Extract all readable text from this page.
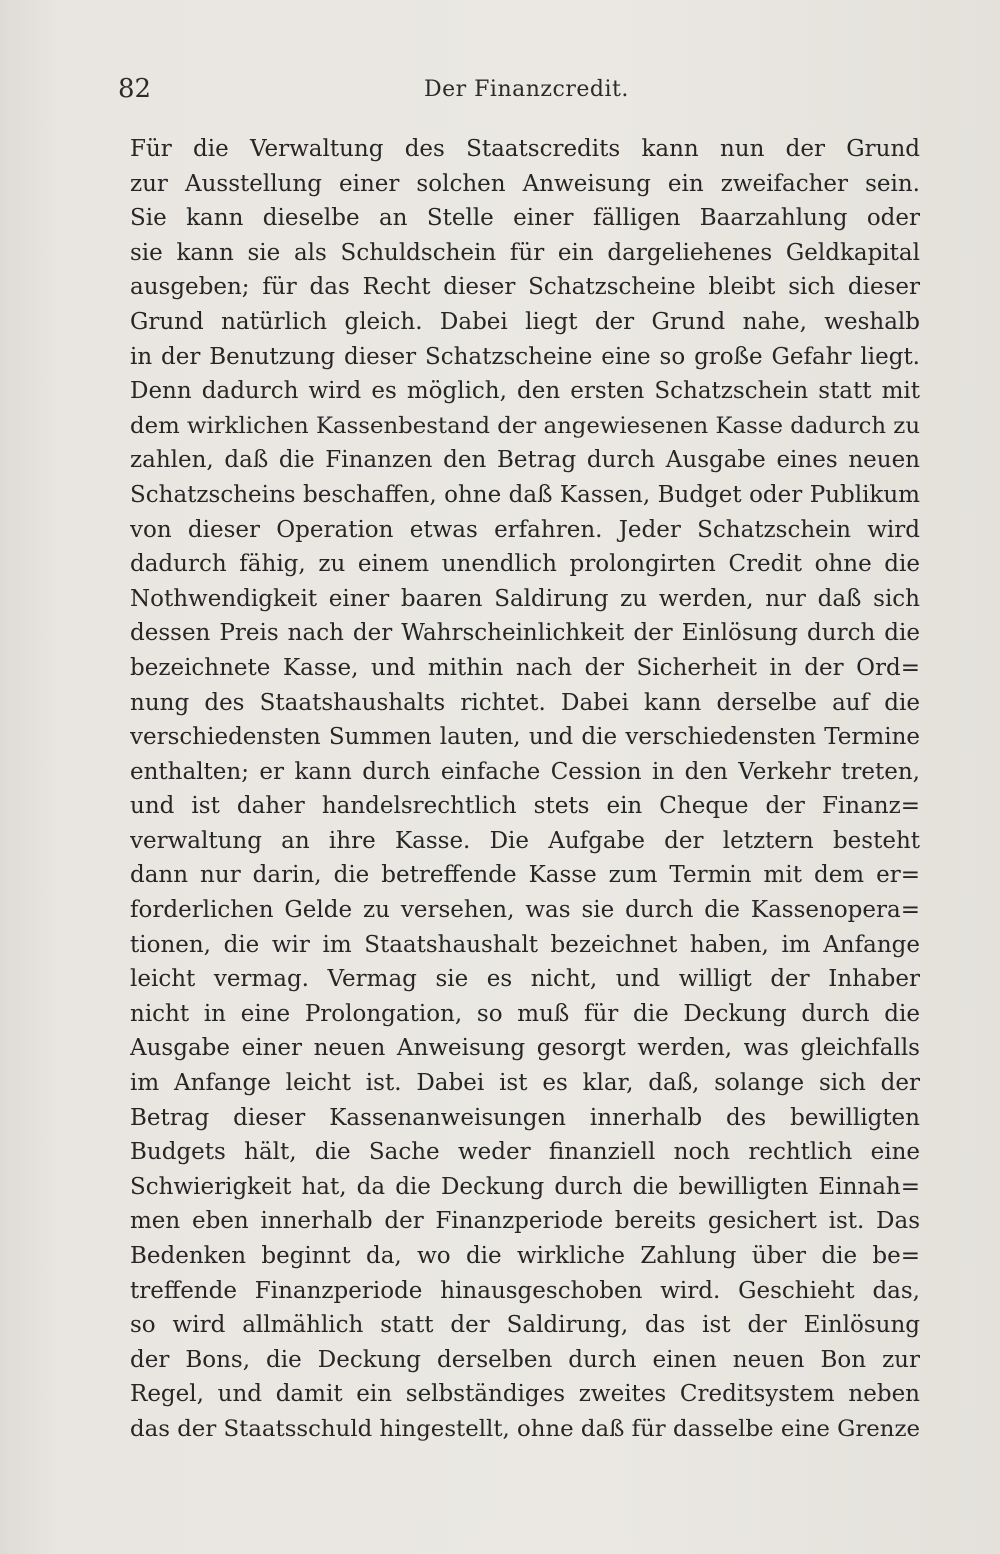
82	Der Finanzcredit.
Für die Verwaltung des Staatscredits kann nun der Grund
zur Ausstellung einer solchen Anweisung ein zweifacher sein.
Sie kann dieselbe an Stelle einer fälligen Baarzahlung oder
sie kann sie als Schuldschein für ein dargeliehenes Geldkapital
ausgeben; für das Recht dieser Schatzscheine bleibt sich dieser
Grund natürlich gleich. Dabei liegt der Grund nahe, weshalb
in der Benutzung dieser Schatzscheine eine so große Gefahr liegt.
Denn dadurch wird es möglich, den ersten Schatzschein statt mit
dem wirklichen Kassenbestand der angewiesenen Kasse dadurch zu
zahlen, daß die Finanzen den Betrag durch Ausgabe eines neuen
Schatzscheins beschaffen, ohne daß Kassen, Budget oder Publikum
von dieser Operation etwas erfahren. Jeder Schatzschein wird
dadurch fähig, zu einem unendlich prolongirten Credit ohne die
Nothwendigkeit einer baaren Saldirung zu werden, nur daß sich
dessen Preis nach der Wahrscheinlichkeit der Einlösung durch die
bezeichnete Kasse, und mithin nach der Sicherheit in der Ord=
nung des Staatshaushalts richtet. Dabei kann derselbe auf die
verschiedensten Summen lauten, und die verschiedensten Termine
enthalten; er kann durch einfache Cession in den Verkehr treten,
und ist daher handelsrechtlich stets ein Cheque der Finanz=
verwaltung an ihre Kasse. Die Aufgabe der letztern besteht
dann nur darin, die betreffende Kasse zum Termin mit dem er=
forderlichen Gelde zu versehen, was sie durch die Kassenopera=
tionen, die wir im Staatshaushalt bezeichnet haben, im Anfange
leicht vermag. Vermag sie es nicht, und willigt der Inhaber
nicht in eine Prolongation, so muß für die Deckung durch die
Ausgabe einer neuen Anweisung gesorgt werden, was gleichfalls
im Anfange leicht ist. Dabei ist es klar, daß, solange sich der
Betrag dieser Kassenanweisungen innerhalb des bewilligten
Budgets hält, die Sache weder finanziell noch rechtlich eine
Schwierigkeit hat, da die Deckung durch die bewilligten Einnah=
men eben innerhalb der Finanzperiode bereits gesichert ist. Das
Bedenken beginnt da, wo die wirkliche Zahlung über die be=
treffende Finanzperiode hinausgeschoben wird. Geschieht das,
so wird allmählich statt der Saldirung, das ist der Einlösung
der Bons, die Deckung derselben durch einen neuen Bon zur
Regel, und damit ein selbständiges zweites Creditsystem neben
das der Staatsschuld hingestellt, ohne daß für dasselbe eine Grenze
